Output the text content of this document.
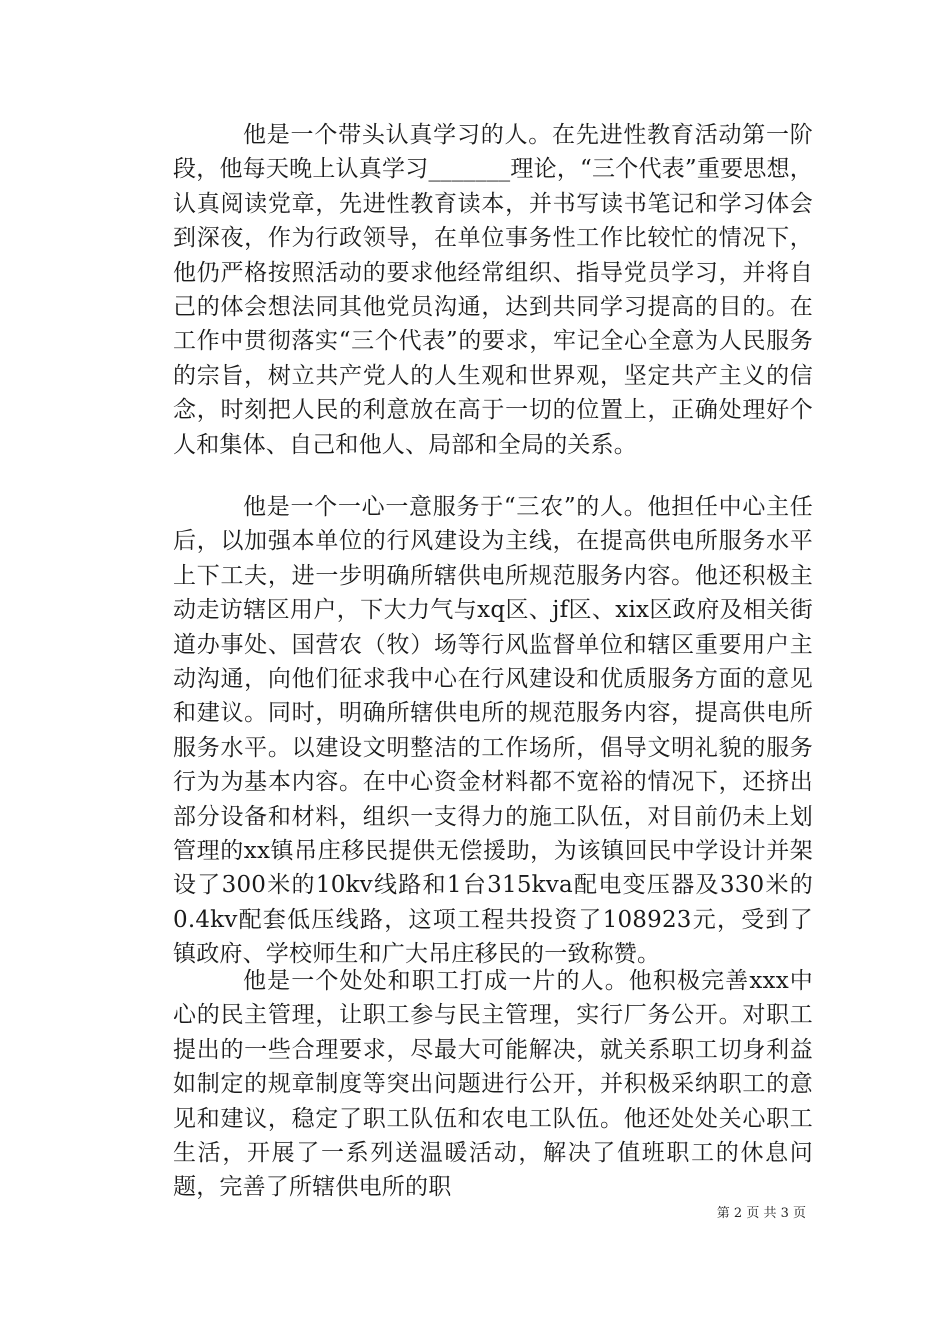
他是一个带头认真学习的人。在先进性教育活动第一阶段，他每天晚上认真学习_______理论，“三个代表”重要思想，认真阅读党章，先进性教育读本，并书写读书笔记和学习体会到深夜，作为行政领导，在单位事务性工作比较忙的情况下，他仍严格按照活动的要求他经常组织、指导党员学习，并将自己的体会想法同其他党员沟通，达到共同学习提高的目的。在工作中贯彻落实“三个代表”的要求，牢记全心全意为人民服务的宗旨，树立共产党人的人生观和世界观，坚定共产主义的信念，时刻把人民的利意放在高于一切的位置上，正确处理好个人和集体、自己和他人、局部和全局的关系。

他是一个一心一意服务于“三农”的人。他担任中心主任后，以加强本单位的行风建设为主线，在提高供电所服务水平上下工夫，进一步明确所辖供电所规范服务内容。他还积极主动走访辖区用户，下大力气与xq区、jf区、xix区政府及相关街道办事处、国营农（牧）场等行风监督单位和辖区重要用户主动沟通，向他们征求我中心在行风建设和优质服务方面的意见和建议。同时，明确所辖供电所的规范服务内容，提高供电所服务水平。以建设文明整洁的工作场所，倡导文明礼貌的服务行为为基本内容。在中心资金材料都不宽裕的情况下，还挤出部分设备和材料，组织一支得力的施工队伍，对目前仍未上划管理的xx镇吊庄移民提供无偿援助，为该镇回民中学设计并架设了300米的10kv线路和1台315kva配电变压器及330米的0.4kv配套低压线路，这项工程共投资了108923元，受到了镇政府、学校师生和广大吊庄移民的一致称赞。

他是一个处处和职工打成一片的人。他积极完善xxx中心的民主管理，让职工参与民主管理，实行厂务公开。对职工提出的一些合理要求，尽最大可能解决，就关系职工切身利益如制定的规章制度等突出问题进行公开，并积极采纳职工的意见和建议，稳定了职工队伍和农电工队伍。他还处处关心职工生活，开展了一系列送温暖活动，解决了值班职工的休息问题，完善了所辖供电所的职

第 2 页 共 3 页
